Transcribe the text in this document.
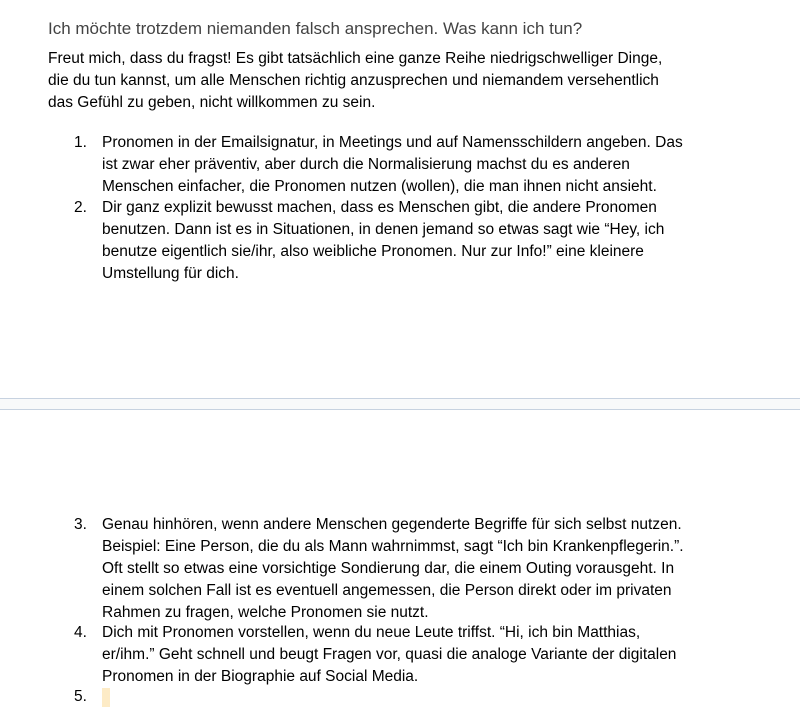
Ich möchte trotzdem niemanden falsch ansprechen. Was kann ich tun?

Freut mich, dass du fragst! Es gibt tatsächlich eine ganze Reihe niedrigschwelliger Dinge,
die du tun kannst, um alle Menschen richtig anzusprechen und niemandem versehentlich
das Gefühl zu geben, nicht willkommen zu sein.

1. Pronomen in der Emailsignatur, in Meetings und auf Namensschildern angeben. Das
ist zwar eher präventiv, aber durch die Normalisierung machst du es anderen
Menschen einfacher, die Pronomen nutzen (wollen), die man ihnen nicht ansieht.
2. Dir ganz explizit bewusst machen, dass es Menschen gibt, die andere Pronomen
benutzen. Dann ist es in Situationen, in denen jemand so etwas sagt wie “Hey, ich
benutze eigentlich sie/ihr, also weibliche Pronomen. Nur zur Info!” eine kleinere
Umstellung für dich.
3. Genau hinhören, wenn andere Menschen gegenderte Begriffe für sich selbst nutzen.
Beispiel: Eine Person, die du als Mann wahrnimmst, sagt “Ich bin Krankenpflegerin.”.
Oft stellt so etwas eine vorsichtige Sondierung dar, die einem Outing vorausgeht. In
einem solchen Fall ist es eventuell angemessen, die Person direkt oder im privaten
Rahmen zu fragen, welche Pronomen sie nutzt.
4. Dich mit Pronomen vorstellen, wenn du neue Leute triffst. “Hi, ich bin Matthias,
er/ihm.” Geht schnell und beugt Fragen vor, quasi die analoge Variante der digitalen
Pronomen in der Biographie auf Social Media.
5.
